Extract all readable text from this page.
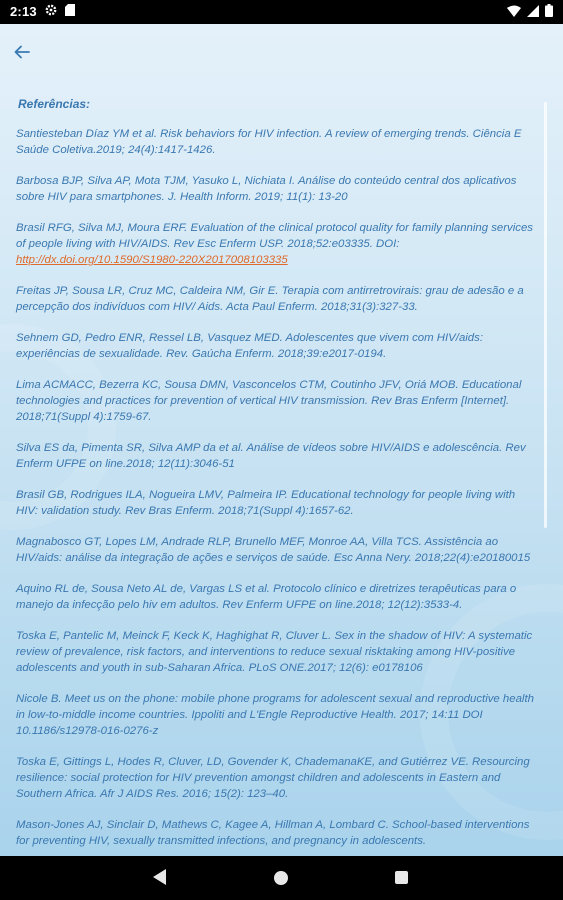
2:13
Referências:
Santiesteban Díaz YM et al. Risk behaviors for HIV infection. A review of emerging trends. Ciência E Saúde Coletiva.2019; 24(4):1417-1426.
Barbosa BJP, Silva AP, Mota TJM, Yasuko L, Nichiata I. Análise do conteúdo central dos aplicativos sobre HIV para smartphones. J. Health Inform. 2019; 11(1): 13-20
Brasil RFG, Silva MJ, Moura ERF. Evaluation of the clinical protocol quality for family planning services of people living with HIV/AIDS. Rev Esc Enferm USP. 2018;52:e03335. DOI: http://dx.doi.org/10.1590/S1980-220X2017008103335
Freitas JP, Sousa LR, Cruz MC, Caldeira NM, Gir E. Terapia com antirretrovirais: grau de adesão e a percepção dos indivíduos com HIV/ Aids. Acta Paul Enferm. 2018;31(3):327-33.
Sehnem GD, Pedro ENR, Ressel LB, Vasquez MED. Adolescentes que vivem com HIV/aids: experiências de sexualidade. Rev. Gaúcha Enferm. 2018;39:e2017-0194.
Lima ACMACC, Bezerra KC, Sousa DMN, Vasconcelos CTM, Coutinho JFV, Oriá MOB. Educational technologies and practices for prevention of vertical HIV transmission. Rev Bras Enferm [Internet]. 2018;71(Suppl 4):1759-67.
Silva ES da, Pimenta SR, Silva AMP da et al. Análise de vídeos sobre HIV/AIDS e adolescência. Rev Enferm UFPE on line.2018; 12(11):3046-51
Brasil GB, Rodrigues ILA, Nogueira LMV, Palmeira IP. Educational technology for people living with HIV: validation study. Rev Bras Enferm. 2018;71(Suppl 4):1657-62.
Magnabosco GT, Lopes LM, Andrade RLP, Brunello MEF, Monroe AA, Villa TCS. Assistência ao HIV/aids: análise da integração de ações e serviços de saúde. Esc Anna Nery. 2018;22(4):e20180015
Aquino RL de, Sousa Neto AL de, Vargas LS et al. Protocolo clínico e diretrizes terapêuticas para o manejo da infecção pelo hiv em adultos. Rev Enferm UFPE on line.2018; 12(12):3533-4.
Toska E, Pantelic M, Meinck F, Keck K, Haghighat R, Cluver L. Sex in the shadow of HIV: A systematic review of prevalence, risk factors, and interventions to reduce sexual risktaking among HIV-positive adolescents and youth in sub-Saharan Africa. PLoS ONE.2017; 12(6): e0178106
Nicole B. Meet us on the phone: mobile phone programs for adolescent sexual and reproductive health in low-to-middle income countries. Ippoliti and L'Engle Reproductive Health. 2017; 14:11 DOI 10.1186/s12978-016-0276-z
Toska E, Gittings L, Hodes R, Cluver, LD, Govender K, ChademanaKE, and Gutiérrez VE. Resourcing resilience: social protection for HIV prevention amongst children and adolescents in Eastern and Southern Africa. Afr J AIDS Res. 2016; 15(2): 123–40.
Mason-Jones AJ, Sinclair D, Mathews C, Kagee A, Hillman A, Lombard C. School-based interventions for preventing HIV, sexually transmitted infections, and pregnancy in adolescents.
